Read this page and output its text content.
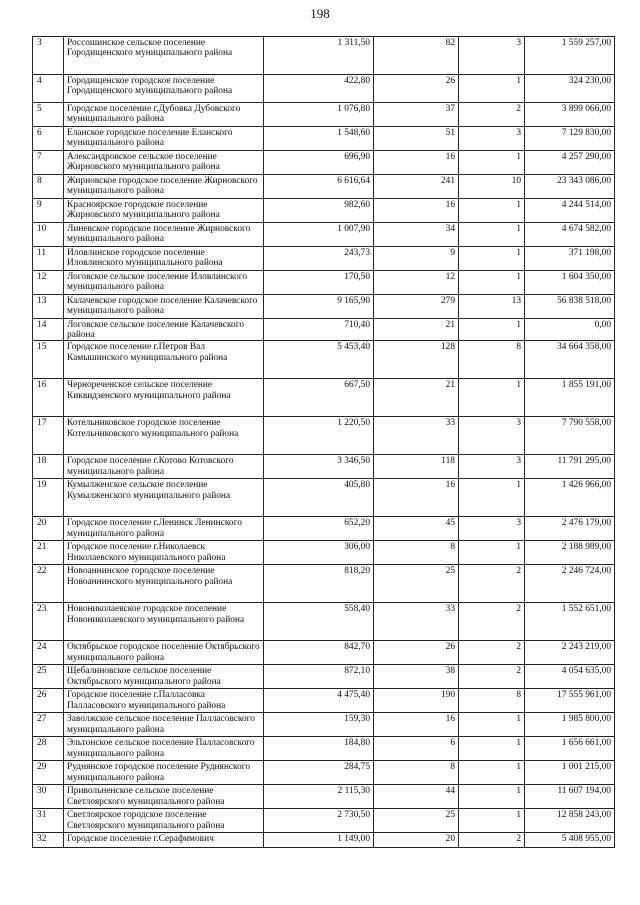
198
3	Россошинское сельское поселение Городищенского муниципального района	1 311,50	82	3	1 559 257,00
4	Городищенское городское поселение Городищенского муниципального района	422,80	26	1	324 230,00
5	Городское поселение г.Дубовка Дубовского муниципального района	1 076,80	37	2	3 899 066,00
6	Еланское городское поселение Еланского муниципального района	1 548,60	51	3	7 129 830,00
7	Александровское сельское поселение Жирновского муниципального района	696,90	16	1	4 257 290,00
8	Жирновское городское поселение Жирновского муниципального района	6 616,64	241	10	23 343 086,00
9	Красноярское городское поселение Жирновского муниципального района	982,60	16	1	4 244 514,00
10	Линевское городское поселение Жирновского муниципального района	1 007,90	34	1	4 674 582,00
11	Иловлинское городское поселение Иловлинского муниципального района	243,73	9	1	371 198,00
12	Логовское сельское поселение Иловлинского муниципального района	170,50	12	1	1 604 350,00
13	Калачевское городское поселение Калачевского муниципального района	9 165,90	279	13	56 838 518,00
14	Логовское сельское поселение Калачевского района	710,40	21	1	0,00
15	Городское поселение г.Петров Вал Камышинского муниципального района	5 453,40	128	8	34 664 358,00
16	Чернореченское сельское поселение Киквидзенского муниципального района	667,50	21	1	1 855 191,00
17	Котельниковское городское поселение Котельниковского муниципального района	1 220,50	33	3	7 790 558,00
18	Городское поселение г.Котово Котовского муниципального района	3 346,50	118	3	11 791 295,00
19	Кумылженское сельское поселение Кумылженского муниципального района	405,80	16	1	1 426 966,00
20	Городское поселение г.Ленинск Ленинского муниципального района	652,20	45	3	2 476 179,00
21	Городское поселение г.Николаевск Николаевского муниципального района	306,00	8	1	2 188 989,00
22	Новоаннинское городское поселение Новоаннинского муниципального района	818,20	25	2	2 246 724,00
23	Новониколаевское городское поселение Новониколаевского муниципального района	558,40	33	2	1 552 651,00
24	Октябрьское городское поселение Октябрьского муниципального района	842,70	26	2	2 243 219,00
25	Щебалиновское сельское поселение Октябрьского муниципального района	872,10	38	2	4 054 635,00
26	Городское поселение г.Палласовка Палласовского муниципального района	4 475,40	190	8	17 555 961,00
27	Заволжское сельское поселение Палласовского муниципального района	159,30	16	1	1 985 800,00
28	Эльтонское сельское поселение Палласовского муниципального района	184,80	6	1	1 656 661,00
29	Руднянское городское поселение Руднянского муниципального района	284,75	8	1	1 001 215,00
30	Привольненское сельское поселение Светлоярского муниципального района	2 115,30	44	1	11 607 194,00
31	Светлоярское городское поселение Светлоярского муниципального района	2 730,50	25	1	12 858 243,00
32	Городское поселение г.Серафимович	1 149,00	20	2	5 408 955,00
